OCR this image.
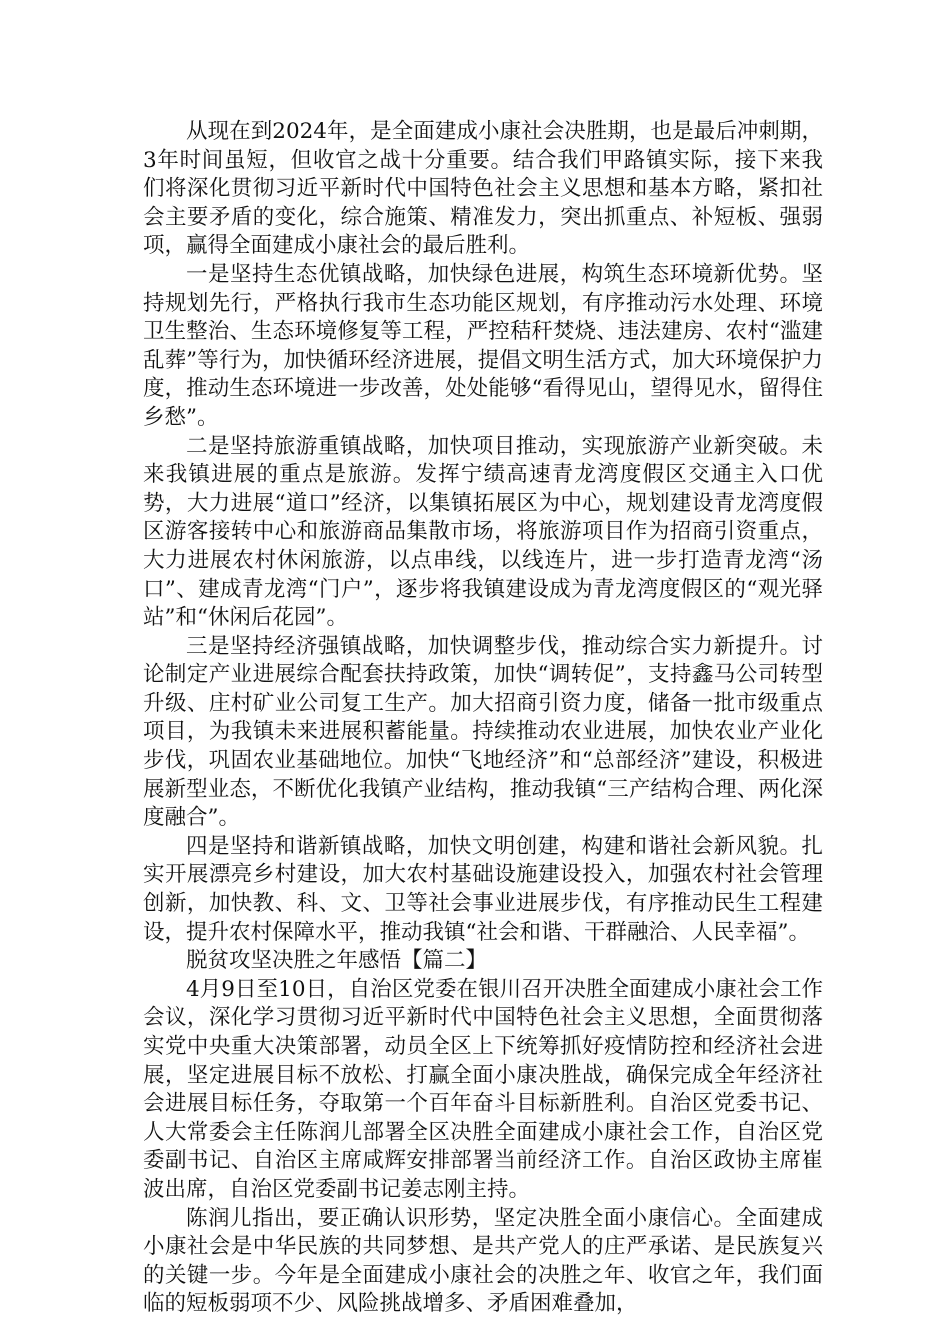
从现在到2024年，是全面建成小康社会决胜期，也是最后冲刺期，3年时间虽短，但收官之战十分重要。结合我们甲路镇实际，接下来我们将深化贯彻习近平新时代中国特色社会主义思想和基本方略，紧扣社会主要矛盾的变化，综合施策、精准发力，突出抓重点、补短板、强弱项，赢得全面建成小康社会的最后胜利。

一是坚持生态优镇战略，加快绿色进展，构筑生态环境新优势。坚持规划先行，严格执行我市生态功能区规划，有序推动污水处理、环境卫生整治、生态环境修复等工程，严控秸秆焚烧、违法建房、农村“滥建乱葬”等行为，加快循环经济进展，提倡文明生活方式，加大环境保护力度，推动生态环境进一步改善，处处能够“看得见山，望得见水，留得住乡愁”。

二是坚持旅游重镇战略，加快项目推动，实现旅游产业新突破。未来我镇进展的重点是旅游。发挥宁绩高速青龙湾度假区交通主入口优势，大力进展“道口”经济，以集镇拓展区为中心，规划建设青龙湾度假区游客接转中心和旅游商品集散市场，将旅游项目作为招商引资重点，大力进展农村休闲旅游，以点串线，以线连片，进一步打造青龙湾“汤口”、建成青龙湾“门户”，逐步将我镇建设成为青龙湾度假区的“观光驿站”和“休闲后花园”。

三是坚持经济强镇战略，加快调整步伐，推动综合实力新提升。讨论制定产业进展综合配套扶持政策，加快“调转促”，支持鑫马公司转型升级、庄村矿业公司复工生产。加大招商引资力度，储备一批市级重点项目，为我镇未来进展积蓄能量。持续推动农业进展，加快农业产业化步伐，巩固农业基础地位。加快“飞地经济”和“总部经济”建设，积极进展新型业态，不断优化我镇产业结构，推动我镇“三产结构合理、两化深度融合”。

四是坚持和谐新镇战略，加快文明创建，构建和谐社会新风貌。扎实开展漂亮乡村建设，加大农村基础设施建设投入，加强农村社会管理创新，加快教、科、文、卫等社会事业进展步伐，有序推动民生工程建设，提升农村保障水平，推动我镇“社会和谐、干群融洽、人民幸福”。

脱贫攻坚决胜之年感悟【篇二】

4月9日至10日，自治区党委在银川召开决胜全面建成小康社会工作会议，深化学习贯彻习近平新时代中国特色社会主义思想，全面贯彻落实党中央重大决策部署，动员全区上下统筹抓好疫情防控和经济社会进展，坚定进展目标不放松、打赢全面小康决胜战，确保完成全年经济社会进展目标任务，夺取第一个百年奋斗目标新胜利。自治区党委书记、人大常委会主任陈润儿部署全区决胜全面建成小康社会工作，自治区党委副书记、自治区主席咸辉安排部署当前经济工作。自治区政协主席崔波出席，自治区党委副书记姜志刚主持。

陈润儿指出，要正确认识形势，坚定决胜全面小康信心。全面建成小康社会是中华民族的共同梦想、是共产党人的庄严承诺、是民族复兴的关键一步。今年是全面建成小康社会的决胜之年、收官之年，我们面临的短板弱项不少、风险挑战增多、矛盾困难叠加，
